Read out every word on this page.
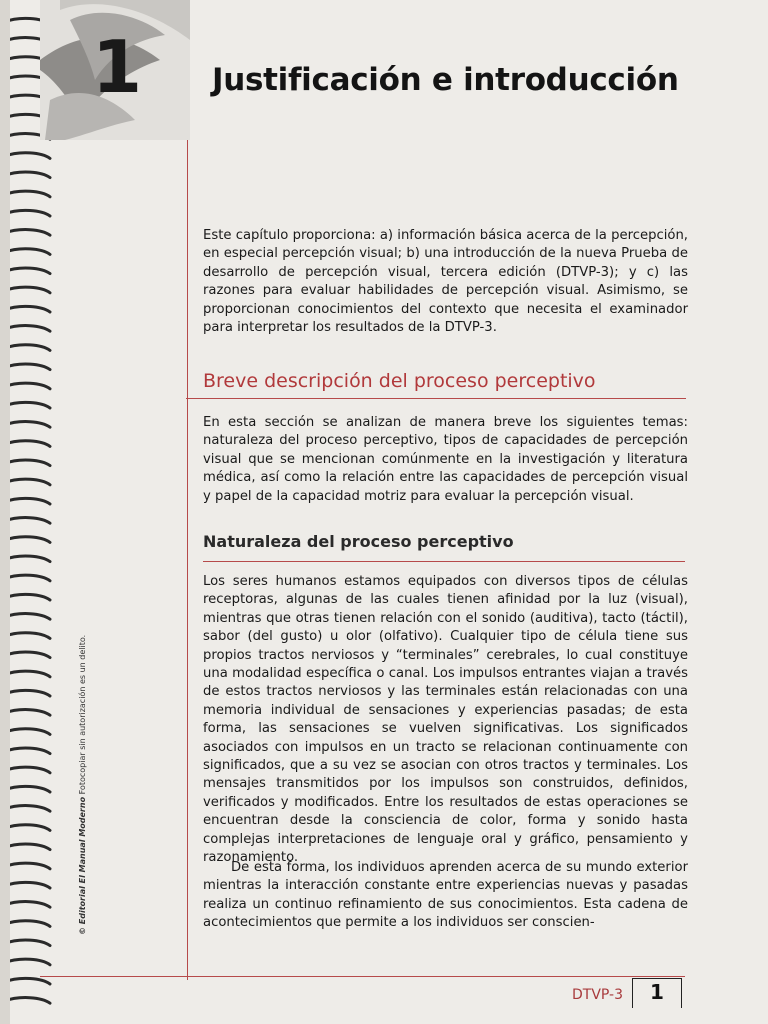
1 Justificación e introducción
© Editorial El Manual Moderno Fotocopiar sin autorización es un delito.

Este capítulo proporciona: a) información básica acerca de la percepción, en especial percepción visual; b) una introducción de la nueva Prueba de desarrollo de percepción visual, tercera edición (DTVP-3); y c) las razones para evaluar habilidades de percepción visual. Asimismo, se proporcionan conocimientos del contexto que necesita el examinador para interpretar los resultados de la DTVP-3.

Breve descripción del proceso perceptivo

En esta sección se analizan de manera breve los siguientes temas: naturaleza del proceso perceptivo, tipos de capacidades de percepción visual que se mencionan comúnmente en la investigación y literatura médica, así como la relación entre las capacidades de percepción visual y papel de la capacidad motriz para evaluar la percepción visual.

Naturaleza del proceso perceptivo

Los seres humanos estamos equipados con diversos tipos de células receptoras, algunas de las cuales tienen afinidad por la luz (visual), mientras que otras tienen relación con el sonido (auditiva), tacto (táctil), sabor (del gusto) u olor (olfativo). Cualquier tipo de célula tiene sus propios tractos nerviosos y “terminales” cerebrales, lo cual constituye una modalidad específica o canal. Los impulsos entrantes viajan a través de estos tractos nerviosos y las terminales están relacionadas con una memoria individual de sensaciones y experiencias pasadas; de esta forma, las sensaciones se vuelven significativas. Los significados asociados con impulsos en un tracto se relacionan continuamente con significados, que a su vez se asocian con otros tractos y terminales. Los mensajes transmitidos por los impulsos son construidos, definidos, verificados y modificados. Entre los resultados de estas operaciones se encuentran desde la consciencia de color, forma y sonido hasta complejas interpretaciones de lenguaje oral y gráfico, pensamiento y razonamiento.

De esta forma, los individuos aprenden acerca de su mundo exterior mientras la interacción constante entre experiencias nuevas y pasadas realiza un continuo refinamiento de sus conocimientos. Esta cadena de acontecimientos que permite a los individuos ser conscien-

DTVP-3 1
